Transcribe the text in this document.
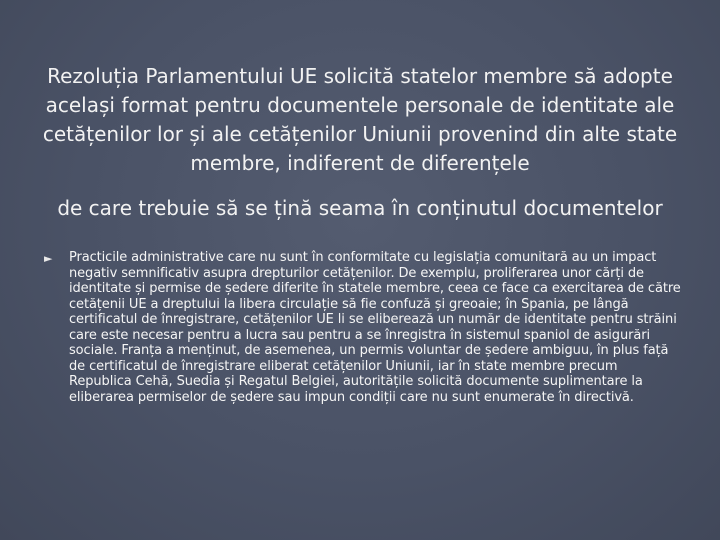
Rezoluția Parlamentului UE solicită statelor membre să adopte același format pentru documentele personale de identitate ale cetățenilor lor și ale cetățenilor Uniunii provenind din alte state membre, indiferent de diferențele

de care trebuie să se țină seama în conținutul documentelor

►	Practicile administrative care nu sunt în conformitate cu legislația comunitară au un impact negativ semnificativ asupra drepturilor cetățenilor. De exemplu, proliferarea unor cărți de identitate și permise de ședere diferite în statele membre, ceea ce face ca exercitarea de către cetățenii UE a dreptului la libera circulație să fie confuză și greoaie; în Spania, pe lângă certificatul de înregistrare, cetățenilor UE li se eliberează un număr de identitate pentru străini care este necesar pentru a lucra sau pentru a se înregistra în sistemul spaniol de asigurări sociale. Franța a menținut, de asemenea, un permis voluntar de ședere ambiguu, în plus față de certificatul de înregistrare eliberat cetățenilor Uniunii, iar în state membre precum Republica Cehă, Suedia și Regatul Belgiei, autoritățile solicită documente suplimentare la eliberarea permiselor de ședere sau impun condiții care nu sunt enumerate în directivă.
